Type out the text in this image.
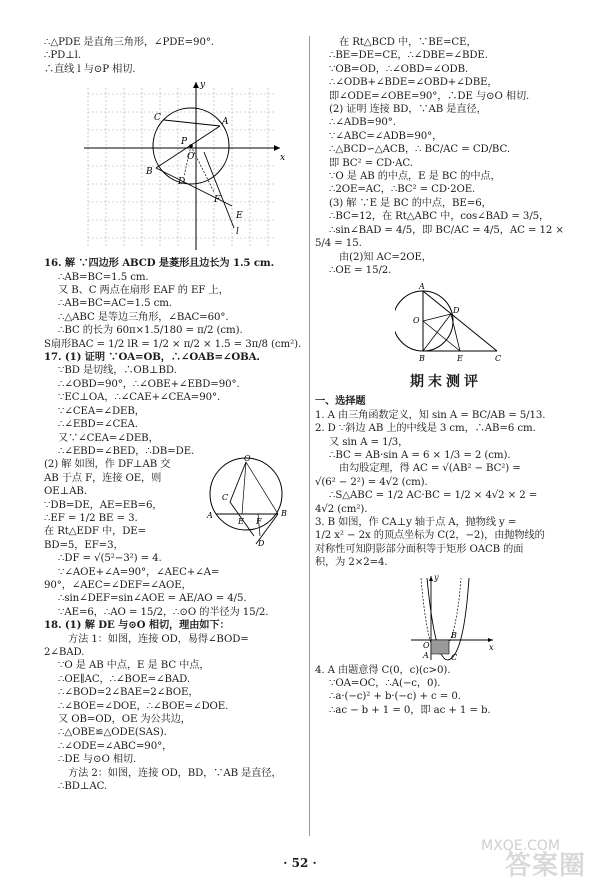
∴△PDE 是直角三角形，∠PDE=90°.
∴PD⊥l.
∴直线 l 与⊙P 相切.
y
x
A
B
C
D
E
F
P
O
l
16. 解 ∵四边形 ABCD 是菱形且边长为 1.5 cm.
∴AB=BC=1.5 cm.
又 B、C 两点在扇形 EAF 的 EF 上，
∴AB=BC=AC=1.5 cm.
∴△ABC 是等边三角形，∠BAC=60°.
∴BC 的长为 60π×1.5/180 = π/2 (cm).
S扇形BAC = 1/2 lR = 1/2 × π/2 × 1.5 = 3π/8 (cm²).
17. (1) 证明 ∵OA=OB，∴∠OAB=∠OBA.
∵BD 是切线，∴OB⊥BD.
∴∠OBD=90°，∴∠OBE+∠EBD=90°.
∵EC⊥OA，∴∠CAE+∠CEA=90°.
∵∠CEA=∠DEB，
∴∠EBD=∠CEA.
又∵∠CEA=∠DEB，
∴∠EBD=∠BED，∴DB=DE.
(2) 解 如图，作 DF⊥AB 交
AB 于点 F，连接 OE，则
OE⊥AB.
∵DB=DE，AE=EB=6，
∴EF = 1/2 BE = 3.
在 Rt△EDF 中，DE=
BD=5，EF=3，
O
A
C
E F
B
D
∴DF = √(5²−3²) = 4.
∵∠AOE+∠A=90°，∠AEC+∠A=
90°，∠AEC=∠DEF=∠AOE，
∴sin∠DEF=sin∠AOE = AE/AO = 4/5.
∵AE=6，∴AO = 15/2，∴⊙O 的半径为 15/2.
18. (1) 解 DE 与⊙O 相切，理由如下：
方法 1：如图，连接 OD，易得∠BOD=
2∠BAD.
∵O 是 AB 中点，E 是 BC 中点，
∴OE∥AC，∴∠BOE=∠BAD.
∴∠BOD=2∠BAE=2∠BOE，
∴∠BOE=∠DOE，∴∠BOE=∠DOE.
又 OB=OD，OE 为公共边，
∴△OBE≌△ODE(SAS).
∴∠ODE=∠ABC=90°，
∴DE 与⊙O 相切.
方法 2：如图，连接 OD，BD，∵AB 是直径，
∴BD⊥AC.
在 Rt△BCD 中，∵BE=CE，
∴BE=DE=CE，∴∠DBE=∠BDE.
∵OB=OD，∴∠OBD=∠ODB.
∴∠ODB+∠BDE=∠OBD+∠DBE，
即∠ODE=∠OBE=90°，∴DE 与⊙O 相切.
(2) 证明 连接 BD，∵AB 是直径，
∴∠ADB=90°.
∵∠ABC=∠ADB=90°，
∴△BCD∽△ACB，∴ BC/AC = CD/BC.
即 BC² = CD·AC.
∵O 是 AB 的中点，E 是 BC 的中点，
∴2OE=AC，∴BC² = CD·2OE.
(3) 解 ∵E 是 BC 的中点，BE=6，
∴BC=12，在 Rt△ABC 中，cos∠BAD = 3/5，
∴sin∠BAD = 4/5，即 BC/AC = 4/5，AC = 12 ×
5/4 = 15.
由(2)知 AC=2OE，
∴OE = 15/2.
A
O
D
B	E	C
期末测评
一、选择题
1. A 由三角函数定义，知 sin A = BC/AB = 5/13.
2. D ∵斜边 AB 上的中线是 3 cm，∴AB=6 cm.
又 sin A = 1/3，
∴BC = AB·sin A = 6 × 1/3 = 2 (cm).
由勾股定理，得 AC = √(AB² − BC²) =
√(6² − 2²) = 4√2 (cm).
∴S△ABC = 1/2 AC·BC = 1/2 × 4√2 × 2 =
4√2 (cm²).
3. B 如图，作 CA⊥y 轴于点 A，抛物线 y =
1/2 x² − 2x 的顶点坐标为 C(2，−2)，由抛物线的
对称性可知阴影部分面积等于矩形 OACB 的面
积，为 2×2=4.
y
x
O
A
B
C
4. A 由题意得 C(0，c)(c>0).
∵OA=OC，∴A(−c，0).
∴a·(−c)² + b·(−c) + c = 0.
∴ac − b + 1 = 0，即 ac + 1 = b.
· 52 ·
MXQE.COM
答案圈
